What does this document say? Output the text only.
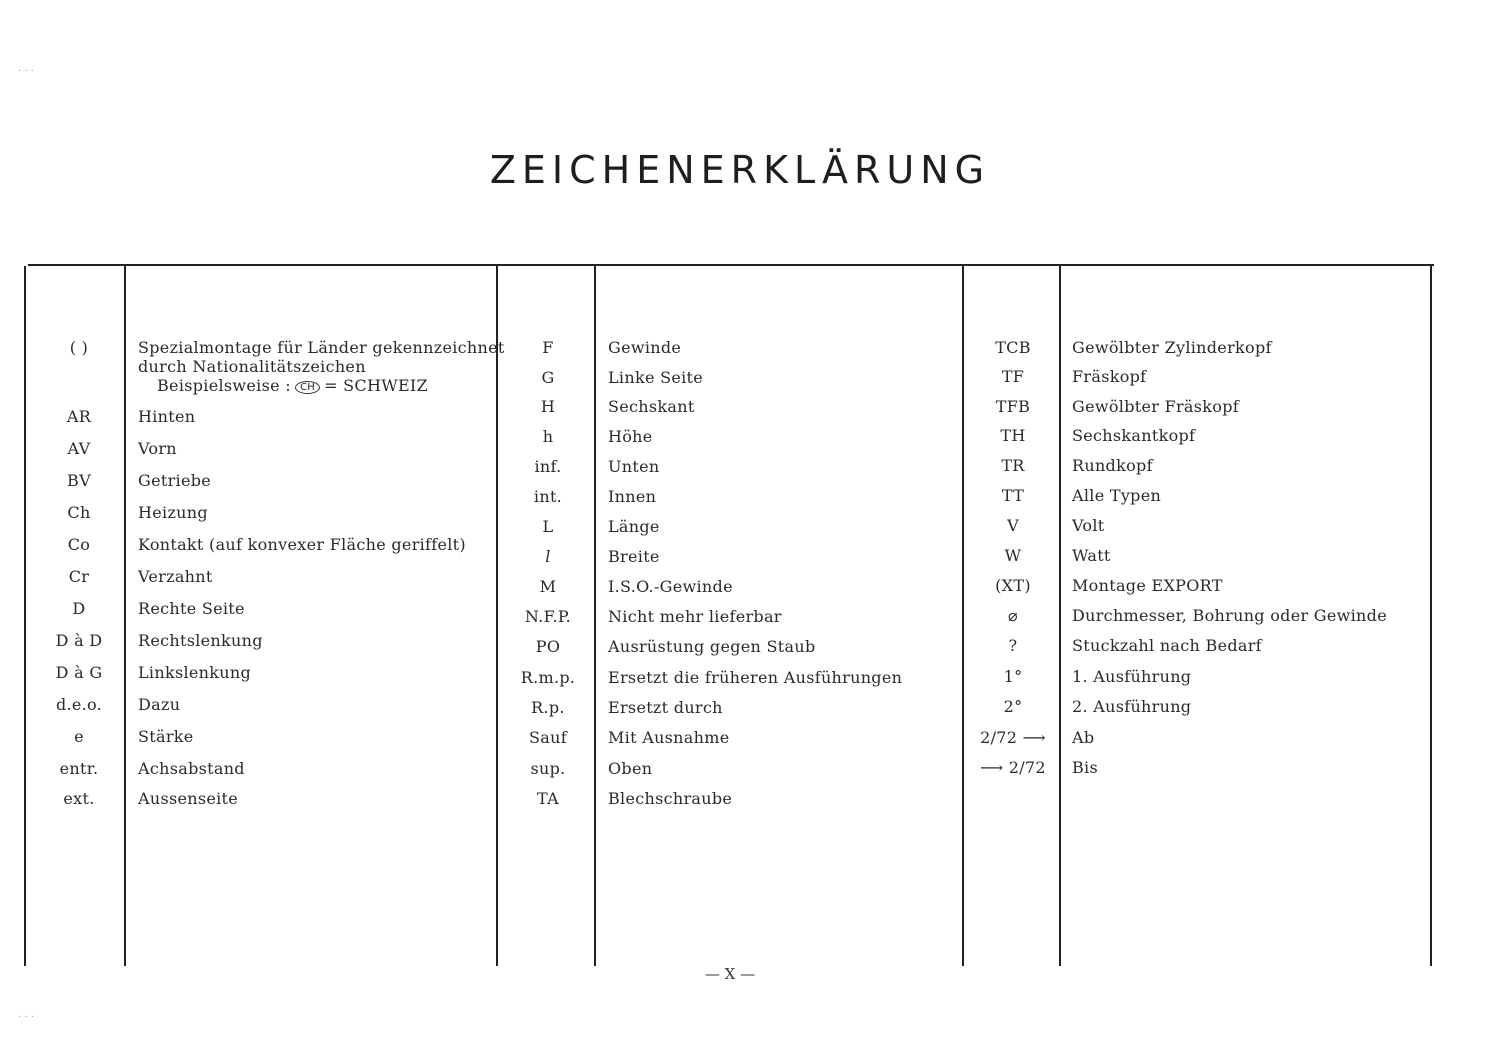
ZEICHENERKLÄRUNG
( )	Spezialmontage für Länder gekennzeichnet
durch Nationalitätszeichen
Beispielsweise : CH = SCHWEIZ
AR	Hinten
AV	Vorn
BV	Getriebe
Ch	Heizung
Co	Kontakt (auf konvexer Fläche geriffelt)
Cr	Verzahnt
D	Rechte Seite
D à D	Rechtslenkung
D à G	Linkslenkung
d.e.o.	Dazu
e	Stärke
entr.	Achsabstand
ext.	Aussenseite
F	Gewinde
G	Linke Seite
H	Sechskant
h	Höhe
inf.	Unten
int.	Innen
L	Länge
l	Breite
M	I.S.O.-Gewinde
N.F.P.	Nicht mehr lieferbar
PO	Ausrüstung gegen Staub
R.m.p.	Ersetzt die früheren Ausführungen
R.p.	Ersetzt durch
Sauf	Mit Ausnahme
sup.	Oben
TA	Blechschraube
TCB	Gewölbter Zylinderkopf
TF	Fräskopf
TFB	Gewölbter Fräskopf
TH	Sechskantkopf
TR	Rundkopf
TT	Alle Typen
V	Volt
W	Watt
(XT)	Montage EXPORT
⌀	Durchmesser, Bohrung oder Gewinde
?	Stuckzahl nach Bedarf
1°	1. Ausführung
2°	2. Ausführung
2/72 ⟶	Ab
⟶ 2/72	Bis
— X —
· · ·
· · ·
